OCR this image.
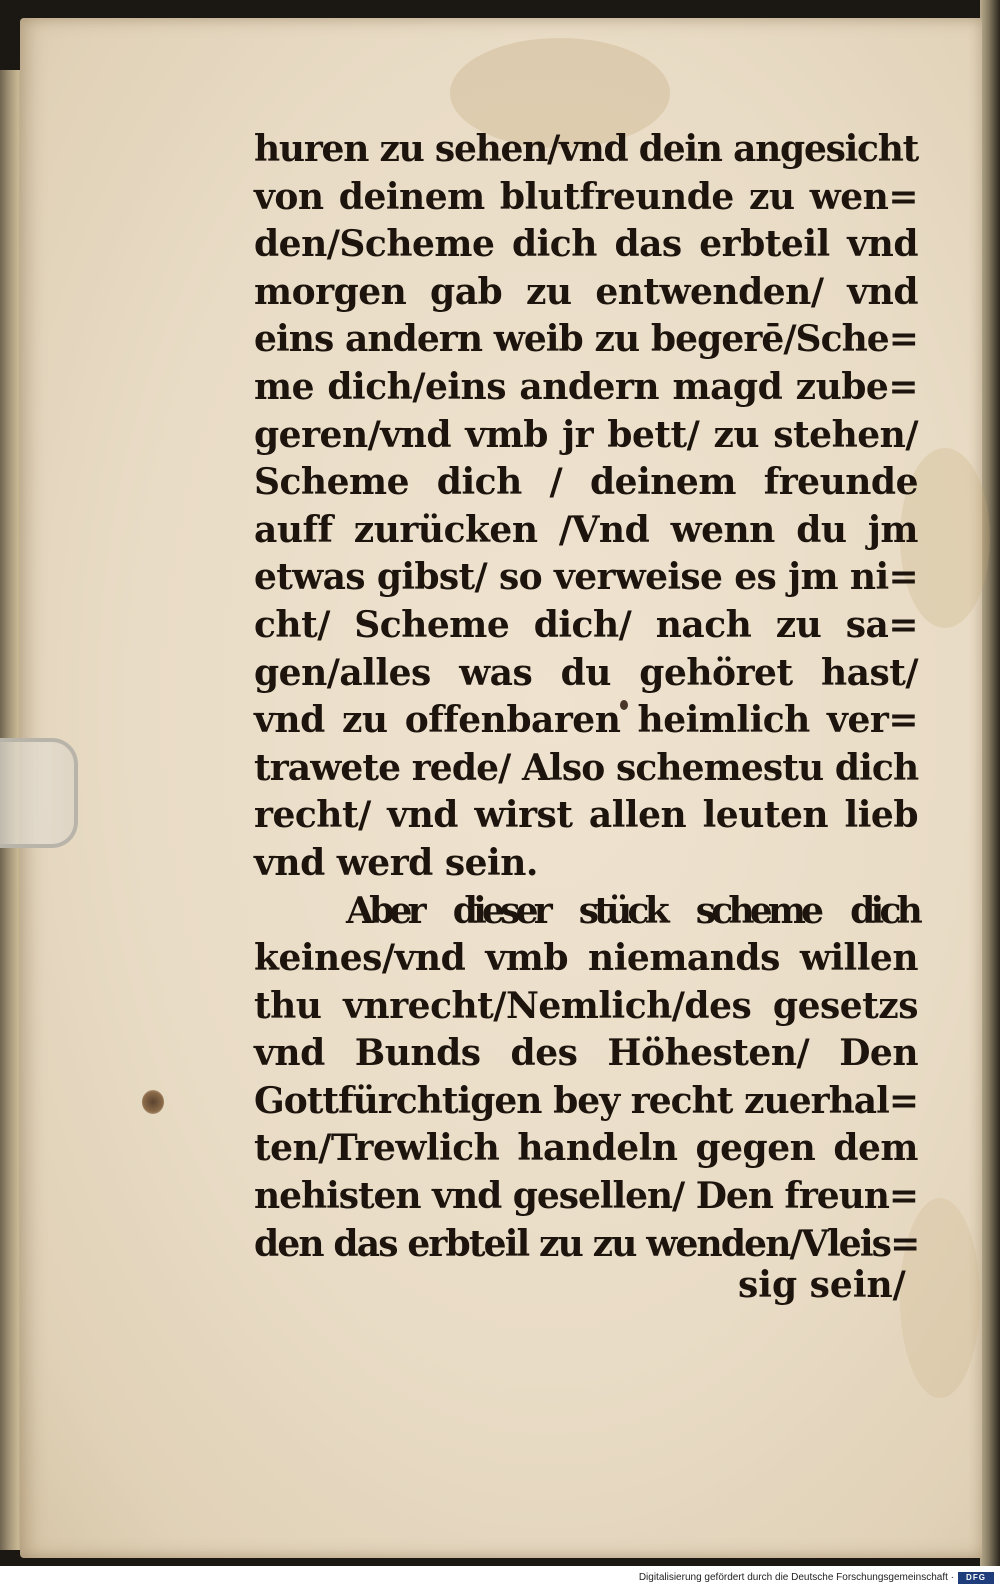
huren zu sehen/vnd dein angesicht
von deinem blutfreunde zu wen=
den/Scheme dich das erbteil vnd
morgen gab zu entwenden/ vnd
eins andern weib zu begerē/Sche=
me dich/eins andern magd zube=
geren/vnd vmb jr bett/ zu stehen/
Scheme dich / deinem freunde
auff zurücken /Vnd wenn du jm
etwas gibst/ so verweise es jm ni=
cht/ Scheme dich/ nach zu sa=
gen/alles was du gehöret hast/
vnd zu offenbaren heimlich ver=
trawete rede/ Also schemestu dich
recht/ vnd wirst allen leuten lieb
vnd werd sein.
Aber dieser stück scheme dich
keines/vnd vmb niemands willen
thu vnrecht/Nemlich/des gesetzs
vnd Bunds des Höhesten/ Den
Gottfürchtigen bey recht zuerhal=
ten/Trewlich handeln gegen dem
nehisten vnd gesellen/ Den freun=
den das erbteil zu zu wenden/Vleis=
sig sein/
Digitalisierung gefördert durch die Deutsche Forschungsgemeinschaft ·	DFG
